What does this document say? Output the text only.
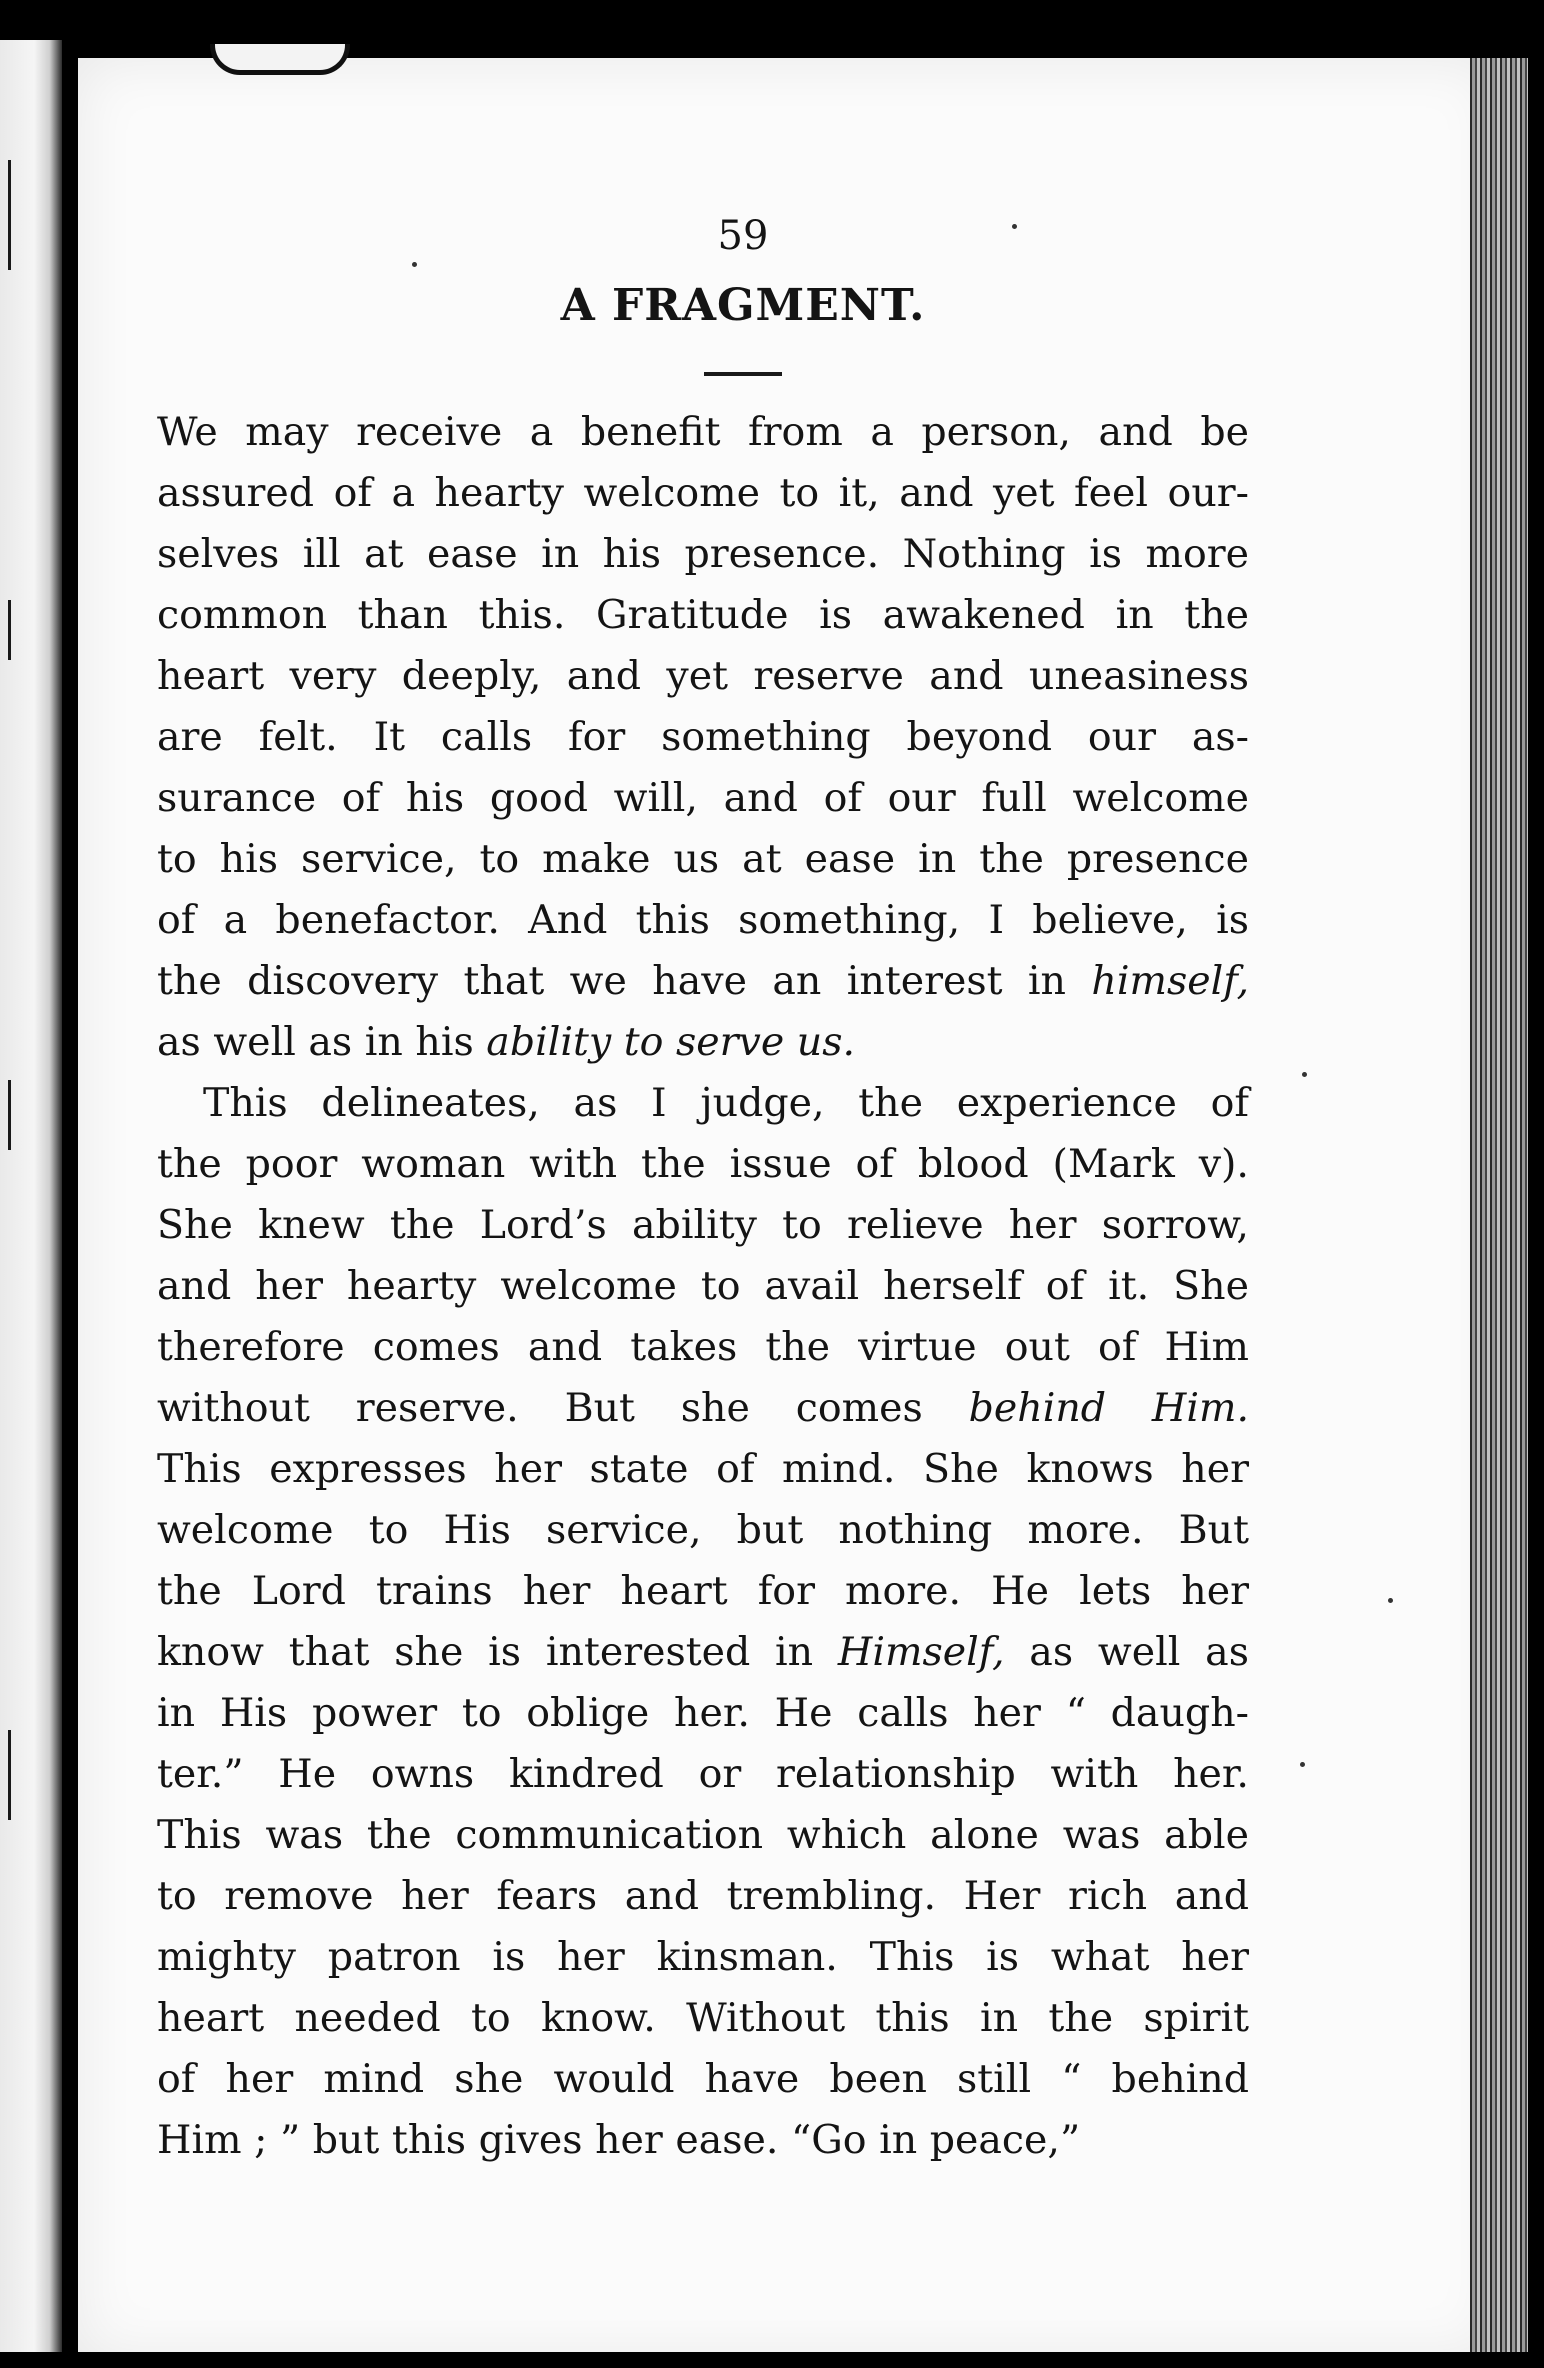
59
A FRAGMENT.
We may receive a benefit from a person, and be
assured of a hearty welcome to it, and yet feel our-
selves ill at ease in his presence. Nothing is more
common than this. Gratitude is awakened in the
heart very deeply, and yet reserve and uneasiness
are felt. It calls for something beyond our as-
surance of his good will, and of our full welcome
to his service, to make us at ease in the presence
of a benefactor. And this something, I believe, is
the discovery that we have an interest in himself,
as well as in his ability to serve us.
This delineates, as I judge, the experience of
the poor woman with the issue of blood (Mark v).
She knew the Lord’s ability to relieve her sorrow,
and her hearty welcome to avail herself of it. She
therefore comes and takes the virtue out of Him
without reserve. But she comes behind Him.
This expresses her state of mind. She knows her
welcome to His service, but nothing more. But
the Lord trains her heart for more. He lets her
know that she is interested in Himself, as well as
in His power to oblige her. He calls her “ daugh-
ter.” He owns kindred or relationship with her.
This was the communication which alone was able
to remove her fears and trembling. Her rich and
mighty patron is her kinsman. This is what her
heart needed to know. Without this in the spirit
of her mind she would have been still “ behind
Him ; ” but this gives her ease. “Go in peace,”
